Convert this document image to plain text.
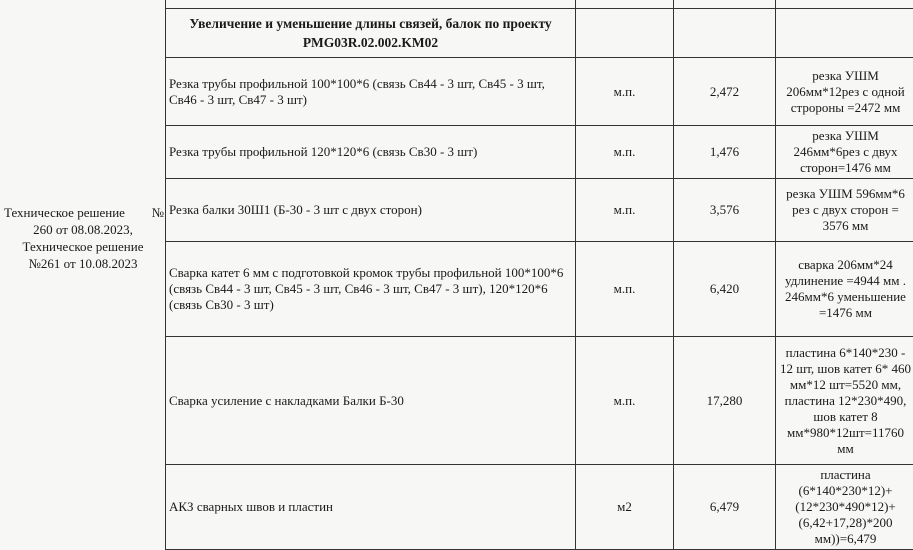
Техническое решение №
260 от 08.08.2023,
Техническое решение
№261 от 10.08.2023

Увеличение и уменьшение длины связей, балок по проекту
PMG03R.02.002.KM02			

Резка трубы профильной 100*100*6 (связь Св44 - 3 шт, Св45 - 3 шт, Св46 - 3 шт, Св47 - 3 шт)	м.п.	2,472	резка УШМ 206мм*12рез с одной стророны =2472 мм
Резка трубы профильной 120*120*6 (связь Св30 - 3 шт)	м.п.	1,476	резка УШМ 246мм*6рез с двух сторон=1476 мм
Резка балки 30Ш1 (Б-30 - 3 шт с двух сторон)	м.п.	3,576	резка УШМ 596мм*6 рез с двух сторон = 3576 мм
Сварка катет 6 мм с подготовкой кромок трубы профильной 100*100*6 (связь Св44 - 3 шт, Св45 - 3 шт, Св46 - 3 шт, Св47 - 3 шт), 120*120*6 (связь Св30 - 3 шт)	м.п.	6,420	сварка 206мм*24 удлинение =4944 мм . 246мм*6 уменьшение =1476 мм
Сварка усиление с накладками Балки Б-30	м.п.	17,280	пластина 6*140*230 - 12 шт, шов катет 6* 460 мм*12 шт=5520 мм, пластина 12*230*490, шов катет 8 мм*980*12шт=11760 мм
АКЗ сварных швов и пластин	м2	6,479	пластина (6*140*230*12)+(12*230*490*12)+(6,42+17,28)*200 мм))=6,479
